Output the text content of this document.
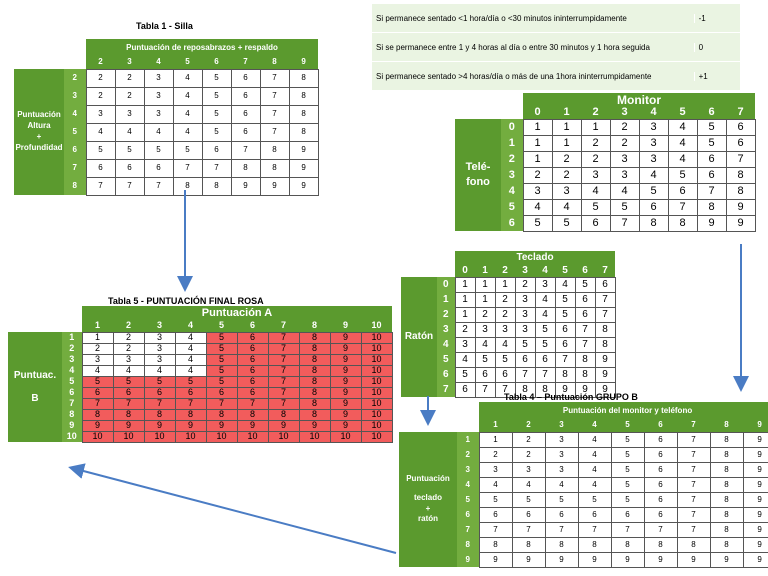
Si permanece sentado <1 hora/día o <30 minutos ininterrumpidamente	-1
Si se permanece entre 1 y 4 horas al día o entre 30 minutos y 1 hora seguida	0
Si permanece sentado >4 horas/día o más de una 1hora ininterrumpidamente	+1
Tabla 1 - Silla
		Puntuación de reposabrazos + respaldo							
		2	3	4	5	6	7	8	9

Puntuación
Altura
+
Profundidad	2	2	2	3	4	5	6	7	8
	3	2	2	3	4	5	6	7	8
	4	3	3	3	4	5	6	7	8
	5	4	4	4	4	5	6	7	8
	6	5	5	5	5	6	7	8	9
	7	6	6	6	7	7	8	8	9
	8	7	7	7	8	8	9	9	9
		Monitor							
		0	1	2	3	4	5	6	7

Telé-
fono	0	1	1	1	2	3	4	5	6
	1	1	1	2	2	3	4	5	6
	2	1	2	2	3	3	4	6	7
	3	2	2	3	3	4	5	6	8
	4	3	3	4	4	5	6	7	8
	5	4	4	5	5	6	7	8	9
	6	5	5	6	7	8	8	9	9
		Teclado							
		0	1	2	3	4	5	6	7

Ratón	0	1	1	1	2	3	4	5	6
	1	1	1	2	3	4	5	6	7
	2	1	2	2	3	4	5	6	7
	3	2	3	3	3	5	6	7	8
	4	3	4	4	5	5	6	7	8
	5	4	5	5	6	6	7	8	9
	6	5	6	6	7	7	8	8	9
	7	6	7	7	8	8	9	9	9
Tabla 5 - PUNTUACIÓN FINAL ROSA
		Puntuación A									
		1	2	3	4	5	6	7	8	9	10

Puntuac.
B	1	1	2	3	4	5	6	7	8	9	10
	2	2	2	3	4	5	6	7	8	9	10
	3	3	3	3	4	5	6	7	8	9	10
	4	4	4	4	4	5	6	7	8	9	10
	5	5	5	5	5	5	6	7	8	9	10
	6	6	6	6	6	6	6	7	8	9	10
	7	7	7	7	7	7	7	7	8	9	10
	8	8	8	8	8	8	8	8	8	9	10
	9	9	9	9	9	9	9	9	9	9	10
	10	10	10	10	10	10	10	10	10	10	10
Tabla 4 – Puntuación GRUPO B
		Puntuación del monitor y teléfono								
		1	2	3	4	5	6	7	8	9

Puntuación
teclado
+
ratón	1	1	2	3	4	5	6	7	8	9
	2	2	2	3	4	5	6	7	8	9
	3	3	3	3	4	5	6	7	8	9
	4	4	4	4	4	5	6	7	8	9
	5	5	5	5	5	5	6	7	8	9
	6	6	6	6	6	6	6	7	8	9
	7	7	7	7	7	7	7	7	8	9
	8	8	8	8	8	8	8	8	8	9
	9	9	9	9	9	9	9	9	9	9
